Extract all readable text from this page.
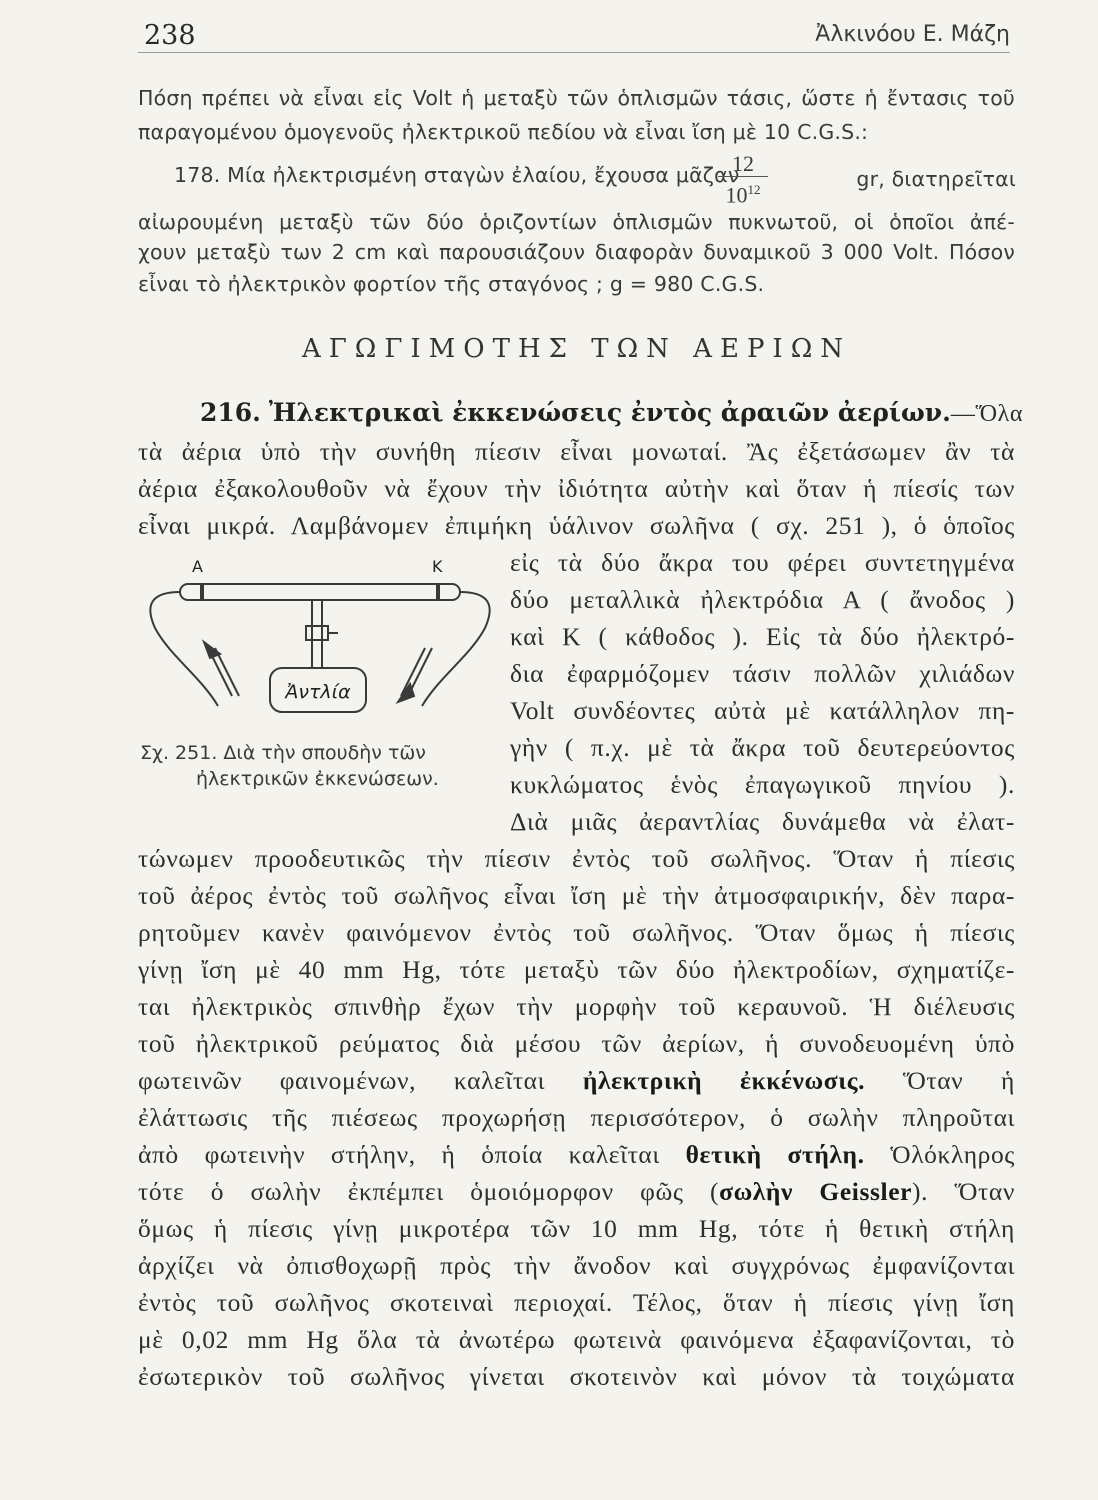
238	Ἀλκινόου Ε. Μάζη
Πόση πρέπει νὰ εἶναι εἰς Volt ἡ μεταξὺ τῶν ὁπλισμῶν τάσις, ὥστε ἡ ἔντασις τοῦ
παραγομένου ὁμογενοῦς ἠλεκτρικοῦ πεδίου νὰ εἶναι ἴση μὲ 10 C.G.S.:
178. Μία ἠλεκτρισμένη σταγὼν ἐλαίου, ἔχουσα μᾶζαν
$\frac{12}{10^{12}}$	gr, διατηρεῖται
αἰωρουμένη μεταξὺ τῶν δύο ὁριζοντίων ὁπλισμῶν πυκνωτοῦ, οἱ ὁποῖοι ἀπέ-
χουν μεταξὺ των 2 cm καὶ παρουσιάζουν διαφορὰν δυναμικοῦ 3 000 Volt. Πόσον
εἶναι τὸ ἠλεκτρικὸν φορτίον τῆς σταγόνος ; g = 980 C.G.S.
ΑΓΩΓΙΜΟΤΗΣ ΤΩΝ ΑΕΡΙΩΝ
216. Ἠλεκτρικαὶ ἐκκενώσεις ἐντὸς ἀραιῶν ἀερίων.—Ὅλα
τὰ ἀέρια ὑπὸ τὴν συνήθη πίεσιν εἶναι μονωταί. Ἂς ἐξετάσωμεν ἂν τὰ
ἀέρια ἐξακολουθοῦν νὰ ἔχουν τὴν ἰδιότητα αὐτὴν καὶ ὅταν ἡ πίεσίς των
εἶναι μικρά. Λαμβάνομεν ἐπιμήκη ὑάλινον σωλῆνα ( σχ. 251 ), ὁ ὁποῖος
εἰς τὰ δύο ἄκρα του φέρει συντετηγμένα
δύο μεταλλικὰ ἠλεκτρόδια Α ( ἄνοδος )
καὶ Κ ( κάθοδος ). Εἰς τὰ δύο ἠλεκτρό-
δια ἐφαρμόζομεν τάσιν πολλῶν χιλιάδων
Volt συνδέοντες αὐτὰ μὲ κατάλληλον πη-
γὴν ( π.χ. μὲ τὰ ἄκρα τοῦ δευτερεύοντος
κυκλώματος ἑνὸς ἐπαγωγικοῦ πηνίου ).
Διὰ μιᾶς ἀεραντλίας δυνάμεθα νὰ ἐλατ-
Α	Κ
Ἀντλία
Σχ. 251. Διὰ τὴν σπουδὴν τῶν
ἠλεκτρικῶν ἐκκενώσεων.
τώνωμεν προοδευτικῶς τὴν πίεσιν ἐντὸς τοῦ σωλῆνος. Ὅταν ἡ πίεσις
τοῦ ἀέρος ἐντὸς τοῦ σωλῆνος εἶναι ἴση μὲ τὴν ἀτμοσφαιρικήν, δὲν παρα-
ρητοῦμεν κανὲν φαινόμενον ἐντὸς τοῦ σωλῆνος. Ὅταν ὅμως ἡ πίεσις
γίνῃ ἴση μὲ 40 mm Hg, τότε μεταξὺ τῶν δύο ἠλεκτροδίων, σχηματίζε-
ται ἠλεκτρικὸς σπινθὴρ ἔχων τὴν μορφὴν τοῦ κεραυνοῦ. Ἡ διέλευσις
τοῦ ἠλεκτρικοῦ ρεύματος διὰ μέσου τῶν ἀερίων, ἡ συνοδευομένη ὑπὸ
φωτεινῶν φαινομένων, καλεῖται ἠλεκτρικὴ ἐκκένωσις. Ὅταν ἡ
ἐλάττωσις τῆς πιέσεως προχωρήσῃ περισσότερον, ὁ σωλὴν πληροῦται
ἀπὸ φωτεινὴν στήλην, ἡ ὁποία καλεῖται θετικὴ στήλη. Ὁλόκληρος
τότε ὁ σωλὴν ἐκπέμπει ὁμοιόμορφον φῶς (σωλὴν Geissler). Ὅταν
ὅμως ἡ πίεσις γίνῃ μικροτέρα τῶν 10 mm Hg, τότε ἡ θετικὴ στήλη
ἀρχίζει νὰ ὀπισθοχωρῇ πρὸς τὴν ἄνοδον καὶ συγχρόνως ἐμφανίζονται
ἐντὸς τοῦ σωλῆνος σκοτειναὶ περιοχαί. Τέλος, ὅταν ἡ πίεσις γίνῃ ἴση
μὲ 0,02 mm Hg ὅλα τὰ ἀνωτέρω φωτεινὰ φαινόμενα ἐξαφανίζονται, τὸ
ἐσωτερικὸν τοῦ σωλῆνος γίνεται σκοτεινὸν καὶ μόνον τὰ τοιχώματα
